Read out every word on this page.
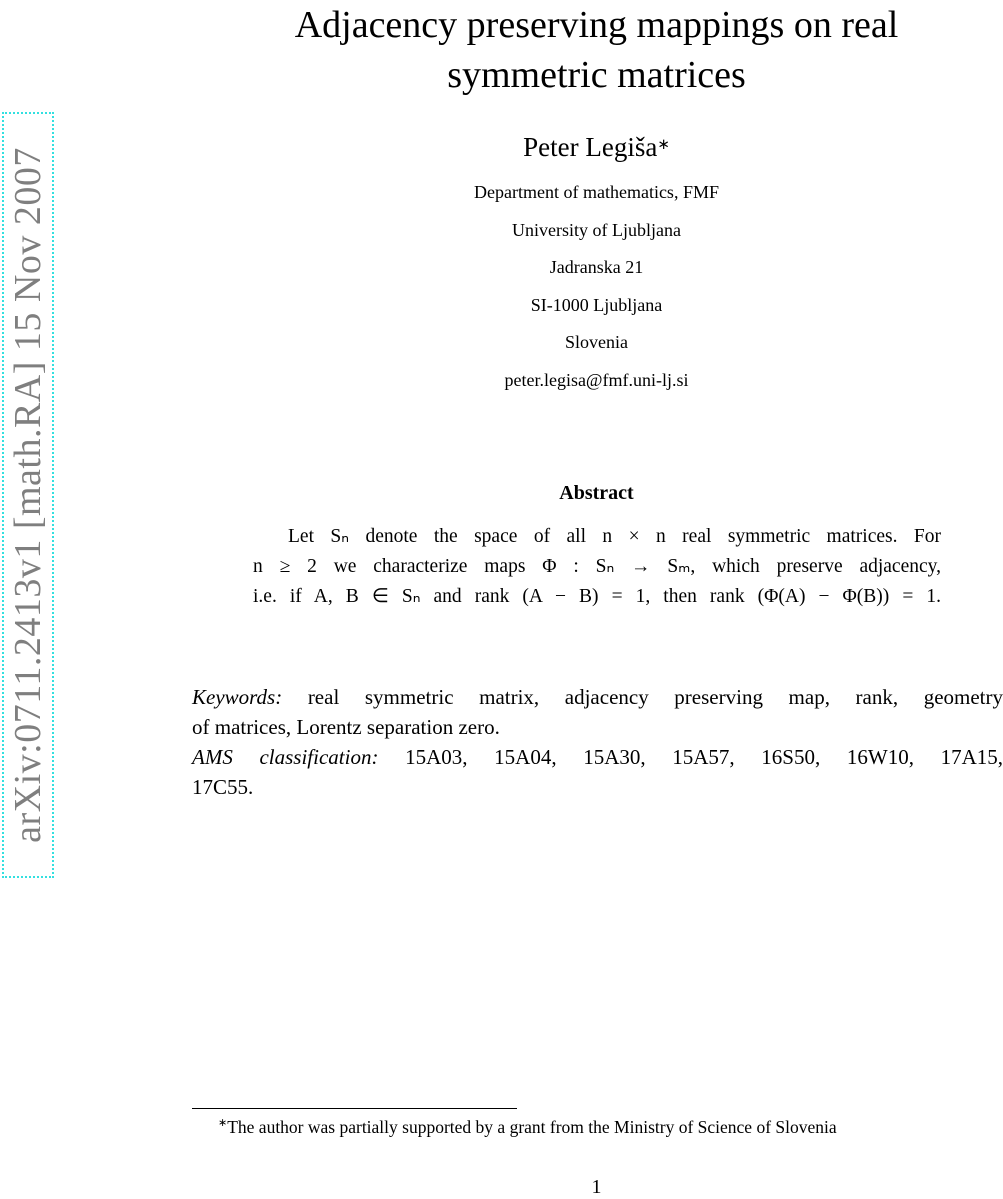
arXiv:0711.2413v1 [math.RA] 15 Nov 2007
Adjacency preserving mappings on real
symmetric matrices
Peter Legiša∗
Department of mathematics, FMF
University of Ljubljana
Jadranska 21
SI-1000 Ljubljana
Slovenia
peter.legisa@fmf.uni-lj.si
Abstract
Let Sₙ denote the space of all n × n real symmetric matrices. For
n ≥ 2 we characterize maps Φ : Sₙ → Sₘ, which preserve adjacency,
i.e. if A, B ∈ Sₙ and rank (A − B) = 1, then rank (Φ(A) − Φ(B)) = 1.
Keywords: real symmetric matrix, adjacency preserving map, rank, geometry
of matrices, Lorentz separation zero.
AMS classification: 15A03, 15A04, 15A30, 15A57, 16S50, 16W10, 17A15,
17C55.
∗The author was partially supported by a grant from the Ministry of Science of Slovenia
1
